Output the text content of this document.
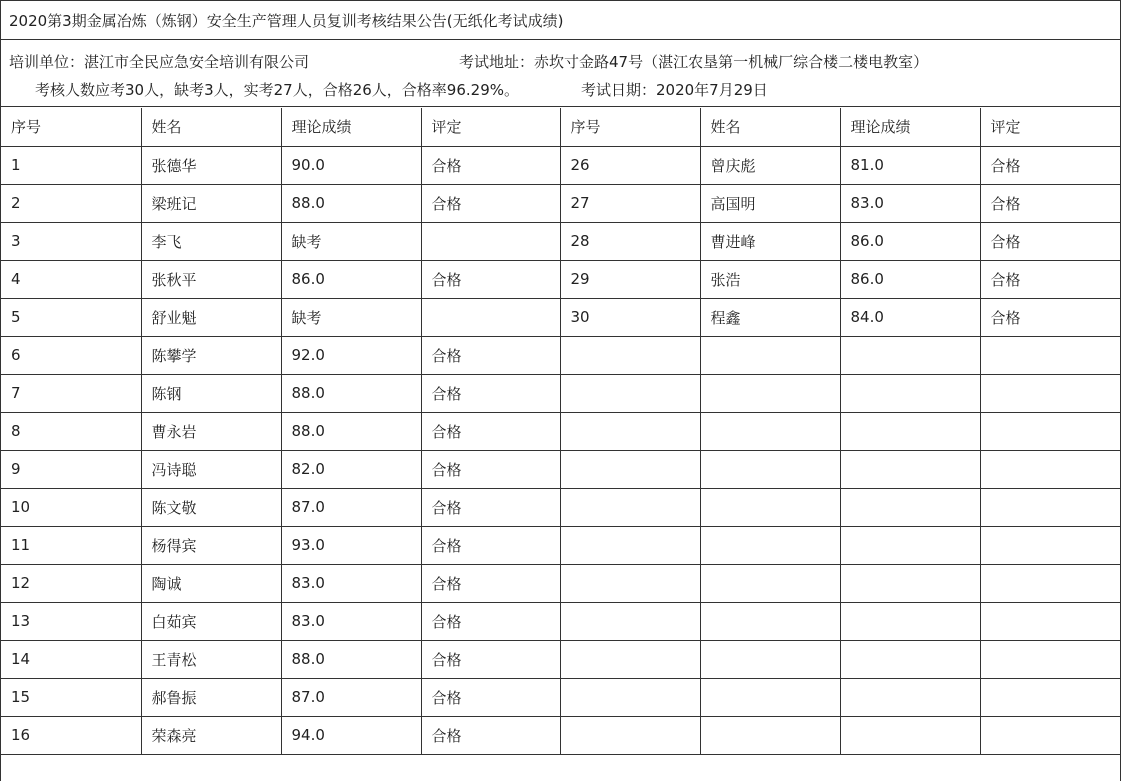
2020第3期金属冶炼（炼钢）安全生产管理人员复训考核结果公告(无纸化考试成绩)
培训单位：湛江市全民应急安全培训有限公司	考试地址：赤坎寸金路47号（湛江农垦第一机械厂综合楼二楼电教室）
考核人数应考30人，缺考3人，实考27人，合格26人，合格率96.29%。	考试日期：2020年7月29日
序号	姓名	理论成绩	评定	序号	姓名	理论成绩	评定
1	张德华	90.0	合格	26	曾庆彪	81.0	合格
2	梁班记	88.0	合格	27	高国明	83.0	合格
3	李飞	缺考		28	曹进峰	86.0	合格
4	张秋平	86.0	合格	29	张浩	86.0	合格
5	舒业魁	缺考		30	程鑫	84.0	合格
6	陈攀学	92.0	合格				
7	陈钢	88.0	合格				
8	曹永岩	88.0	合格				
9	冯诗聪	82.0	合格				
10	陈文敬	87.0	合格				
11	杨得宾	93.0	合格				
12	陶诚	83.0	合格				
13	白茹宾	83.0	合格				
14	王青松	88.0	合格				
15	郝鲁振	87.0	合格				
16	荣森亮	94.0	合格				
